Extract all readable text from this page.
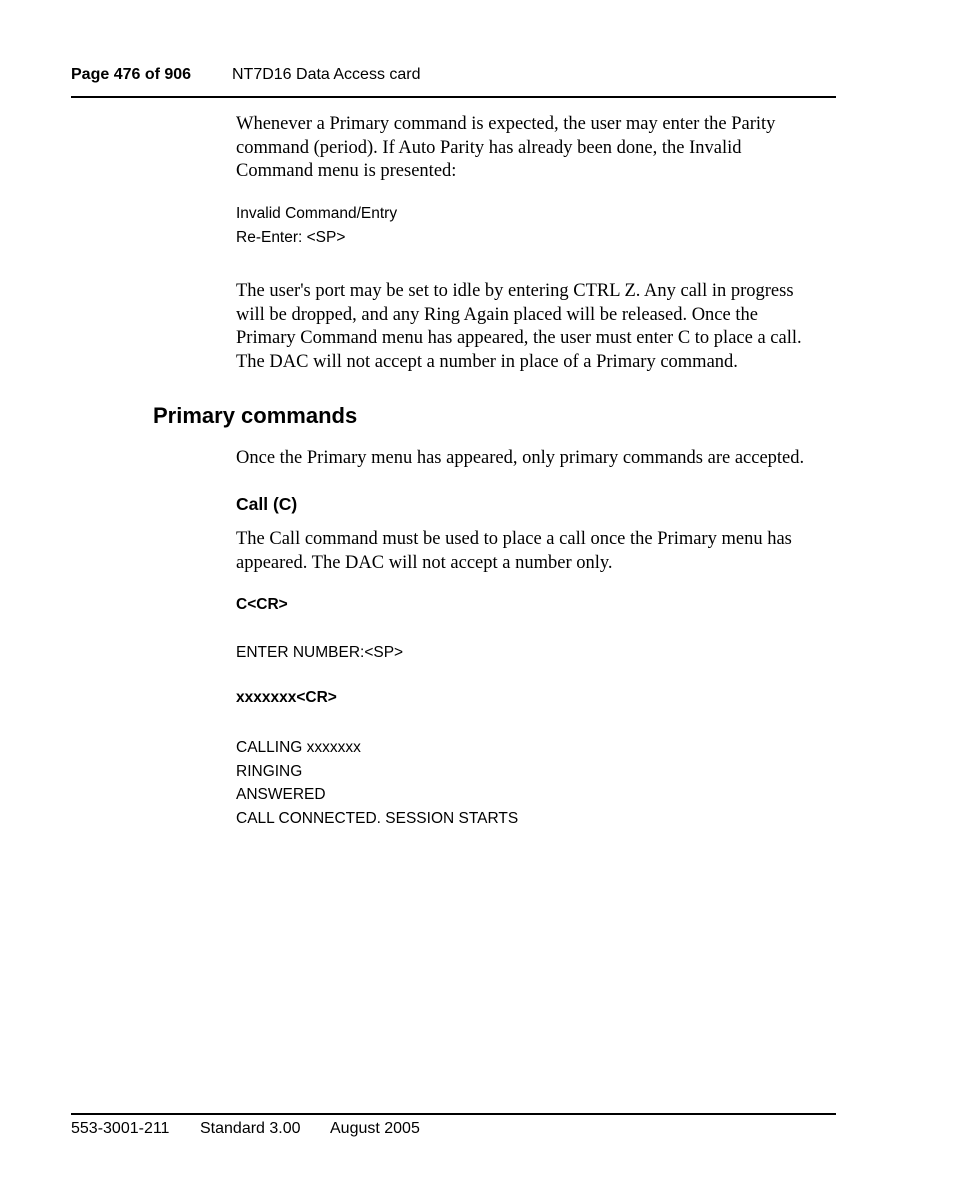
Page 476 of 906	NT7D16 Data Access card
Whenever a Primary command is expected, the user may enter the Parity
command (period). If Auto Parity has already been done, the Invalid
Command menu is presented:
Invalid Command/Entry
Re-Enter: <SP>
The user's port may be set to idle by entering CTRL Z. Any call in progress
will be dropped, and any Ring Again placed will be released. Once the
Primary Command menu has appeared, the user must enter C to place a call.
The DAC will not accept a number in place of a Primary command.
Primary commands
Once the Primary menu has appeared, only primary commands are accepted.
Call (C)
The Call command must be used to place a call once the Primary menu has
appeared. The DAC will not accept a number only.
C<CR>
ENTER NUMBER:<SP>
xxxxxxx<CR>
CALLING xxxxxxx
RINGING
ANSWERED
CALL CONNECTED. SESSION STARTS
553-3001-211 Standard 3.00 August 2005
